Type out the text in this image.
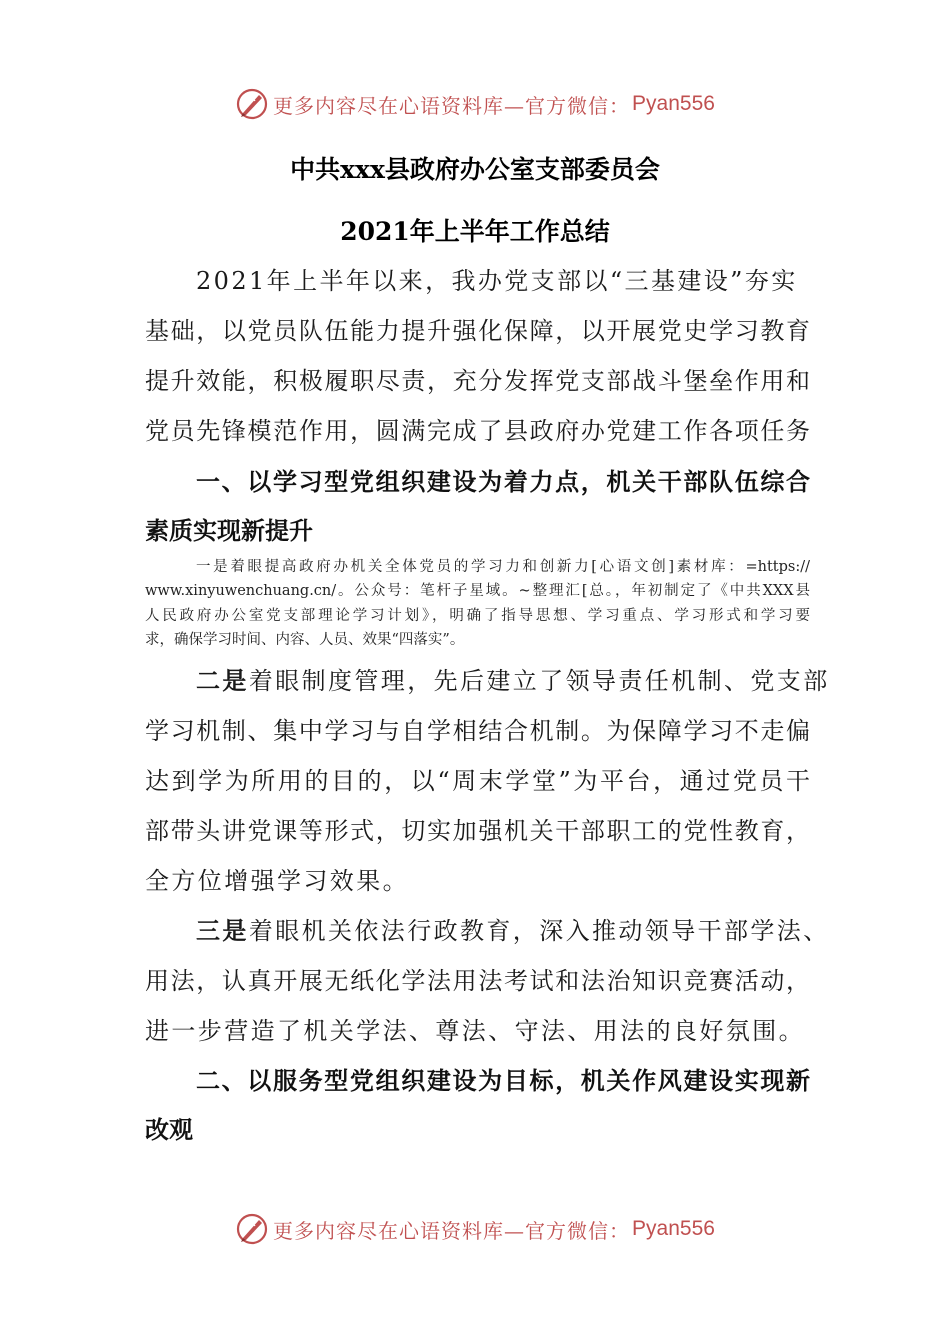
更多内容尽在心语资料库—官方微信： Pyan556
中共xxx县政府办公室支部委员会
2021年上半年工作总结
2021年上半年以来，我办党支部以“三基建设”夯实
基础，以党员队伍能力提升强化保障，以开展党史学习教育
提升效能，积极履职尽责，充分发挥党支部战斗堡垒作用和
党员先锋模范作用，圆满完成了县政府办党建工作各项任务
一、以学习型党组织建设为着力点，机关干部队伍综合
素质实现新提升
一是着眼提高政府办机关全体党员的学习力和创新力[心语文创]素材库：=https://
www.xinyuwenchuang.cn/。公众号：笔杆子星域。~整理汇[总。，年初制定了《中共XXX县
人民政府办公室党支部理论学习计划》，明确了指导思想、学习重点、学习形式和学习要
求，确保学习时间、内容、人员、效果“四落实”。
二是着眼制度管理，先后建立了领导责任机制、党支部
学习机制、集中学习与自学相结合机制。为保障学习不走偏
达到学为所用的目的，以“周末学堂”为平台，通过党员干
部带头讲党课等形式，切实加强机关干部职工的党性教育，
全方位增强学习效果。
三是着眼机关依法行政教育，深入推动领导干部学法、
用法，认真开展无纸化学法用法考试和法治知识竞赛活动，
进一步营造了机关学法、尊法、守法、用法的良好氛围。
二、以服务型党组织建设为目标，机关作风建设实现新
改观
更多内容尽在心语资料库—官方微信： Pyan556
